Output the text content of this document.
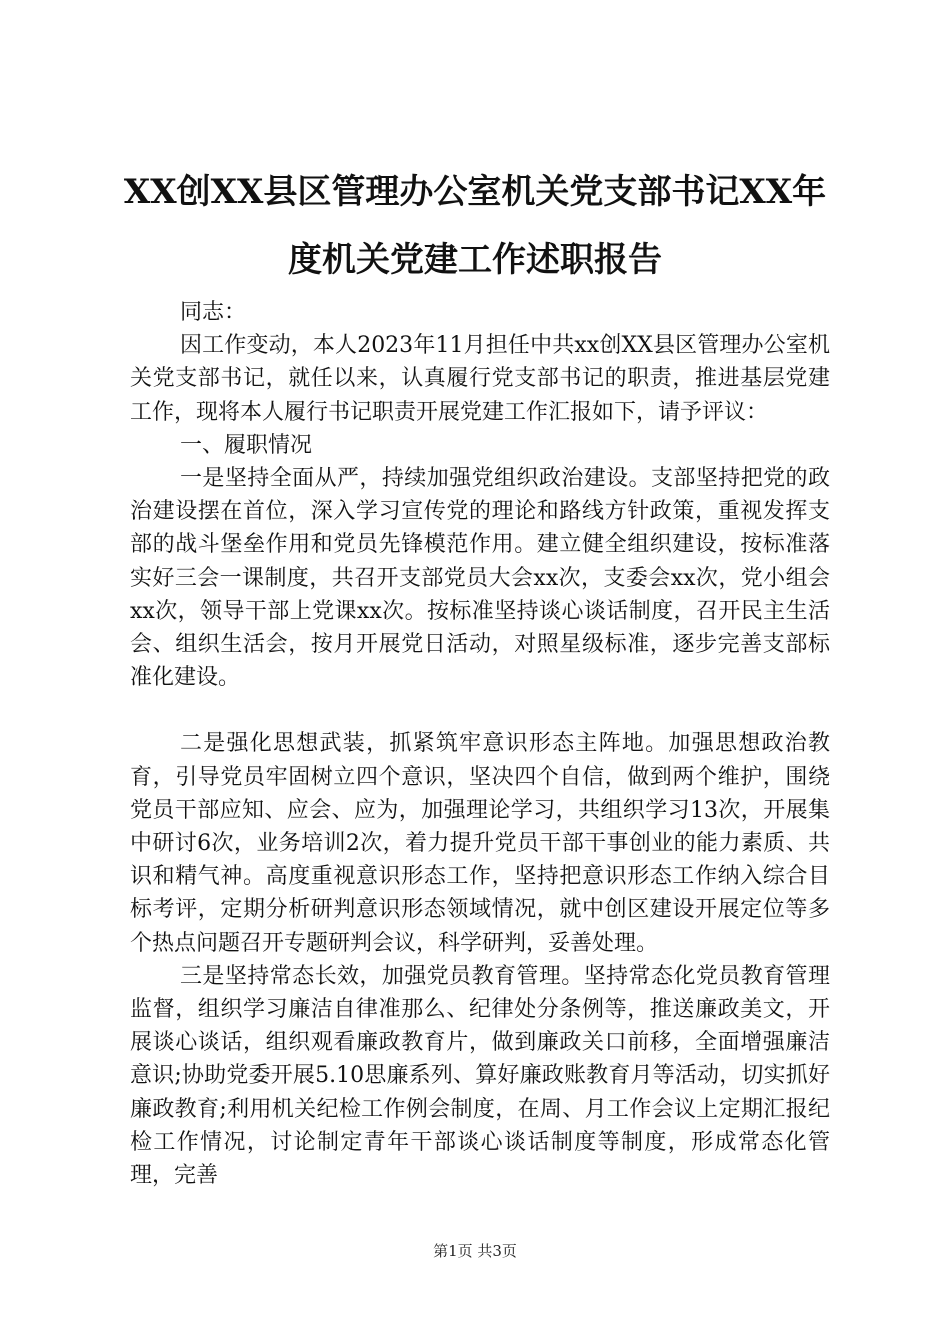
XX创XX县区管理办公室机关党支部书记XX年度机关党建工作述职报告

同志：

因工作变动，本人2023年11月担任中共xx创XX县区管理办公室机关党支部书记，就任以来，认真履行党支部书记的职责，推进基层党建工作，现将本人履行书记职责开展党建工作汇报如下，请予评议：

一、履职情况

一是坚持全面从严，持续加强党组织政治建设。支部坚持把党的政治建设摆在首位，深入学习宣传党的理论和路线方针政策，重视发挥支部的战斗堡垒作用和党员先锋模范作用。建立健全组织建设，按标准落实好三会一课制度，共召开支部党员大会xx次，支委会xx次，党小组会xx次，领导干部上党课xx次。按标准坚持谈心谈话制度，召开民主生活会、组织生活会，按月开展党日活动，对照星级标准，逐步完善支部标准化建设。

二是强化思想武装，抓紧筑牢意识形态主阵地。加强思想政治教育，引导党员牢固树立四个意识，坚决四个自信，做到两个维护，围绕党员干部应知、应会、应为，加强理论学习，共组织学习13次，开展集中研讨6次，业务培训2次，着力提升党员干部干事创业的能力素质、共识和精气神。高度重视意识形态工作，坚持把意识形态工作纳入综合目标考评，定期分析研判意识形态领域情况，就中创区建设开展定位等多个热点问题召开专题研判会议，科学研判，妥善处理。

三是坚持常态长效，加强党员教育管理。坚持常态化党员教育管理监督，组织学习廉洁自律准那么、纪律处分条例等，推送廉政美文，开展谈心谈话，组织观看廉政教育片，做到廉政关口前移，全面增强廉洁意识;协助党委开展5.10思廉系列、算好廉政账教育月等活动，切实抓好廉政教育;利用机关纪检工作例会制度，在周、月工作会议上定期汇报纪检工作情况，讨论制定青年干部谈心谈话制度等制度，形成常态化管理，完善

第1页 共3页
